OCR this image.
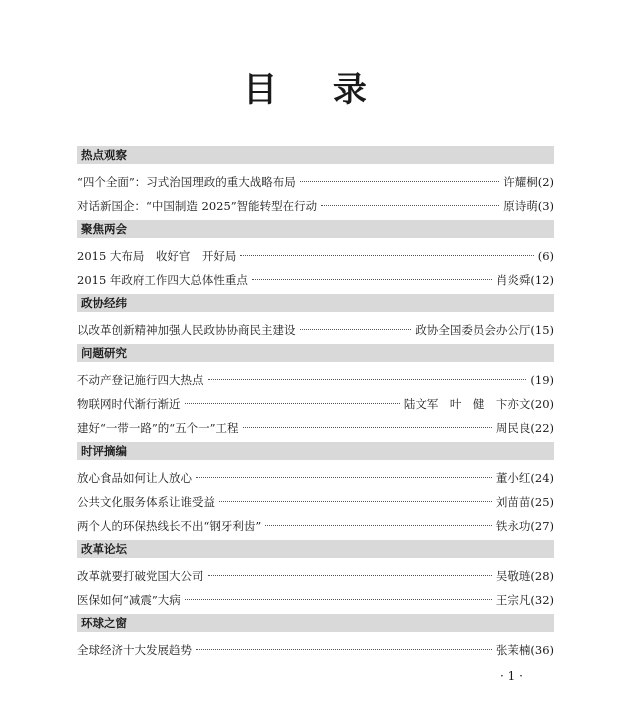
目 录
热点观察
“四个全面”：习式治国理政的重大战略布局	许耀桐 (2)
对话新国企：“中国制造 2025”智能转型在行动	原诗萌 (3)
聚焦两会
2015 大布局　收好官　开好局	(6)
2015 年政府工作四大总体性重点	肖炎舜 (12)
政协经纬
以改革创新精神加强人民政协协商民主建设	政协全国委员会办公厅 (15)
问题研究
不动产登记施行四大热点	(19)
物联网时代渐行渐近	陆文军　叶　健　卞亦文 (20)
建好“一带一路”的“五个一”工程	周民良 (22)
时评摘编
放心食品如何让人放心	董小红 (24)
公共文化服务体系让谁受益	刘苗苗 (25)
两个人的环保热线长不出“钢牙利齿”	铁永功 (27)
改革论坛
改革就要打破党国大公司	吴敬琏 (28)
医保如何“减震”大病	王宗凡 (32)
环球之窗
全球经济十大发展趋势	张茉楠 (36)
· 1 ·
